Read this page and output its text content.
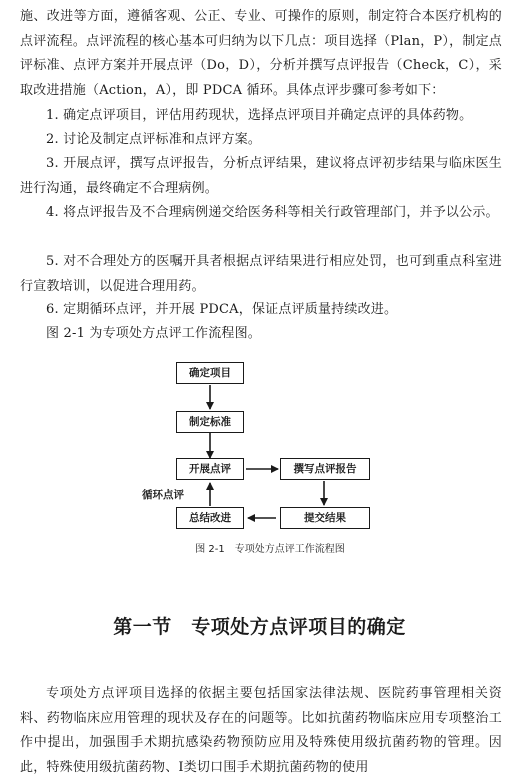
施、改进等方面，遵循客观、公正、专业、可操作的原则，制定符合本医疗机构的点评流程。点评流程的核心基本可归纳为以下几点：项目选择（Plan，P），制定点评标准、点评方案并开展点评（Do，D），分析并撰写点评报告（Check，C），采取改进措施（Action，A），即 PDCA 循环。具体点评步骤可参考如下：

1. 确定点评项目，评估用药现状，选择点评项目并确定点评的具体药物。

2. 讨论及制定点评标准和点评方案。

3. 开展点评，撰写点评报告，分析点评结果，建议将点评初步结果与临床医生进行沟通，最终确定不合理病例。

4. 将点评报告及不合理病例递交给医务科等相关行政管理部门，并予以公示。

5. 对不合理处方的医嘱开具者根据点评结果进行相应处罚，也可到重点科室进行宣教培训，以促进合理用药。

6. 定期循环点评，并开展 PDCA，保证点评质量持续改进。

图 2-1 为专项处方点评工作流程图。

确定项目
制定标准
开展点评	撰写点评报告
提交结果
总结改进
循环点评
图 2-1　专项处方点评工作流程图
第一节　专项处方点评项目的确定

专项处方点评项目选择的依据主要包括国家法律法规、医院药事管理相关资料、药物临床应用管理的现状及存在的问题等。比如抗菌药物临床应用专项整治工作中提出，加强围手术期抗感染药物预防应用及特殊使用级抗菌药物的管理。因此，特殊使用级抗菌药物、Ⅰ类切口围手术期抗菌药物的使用
